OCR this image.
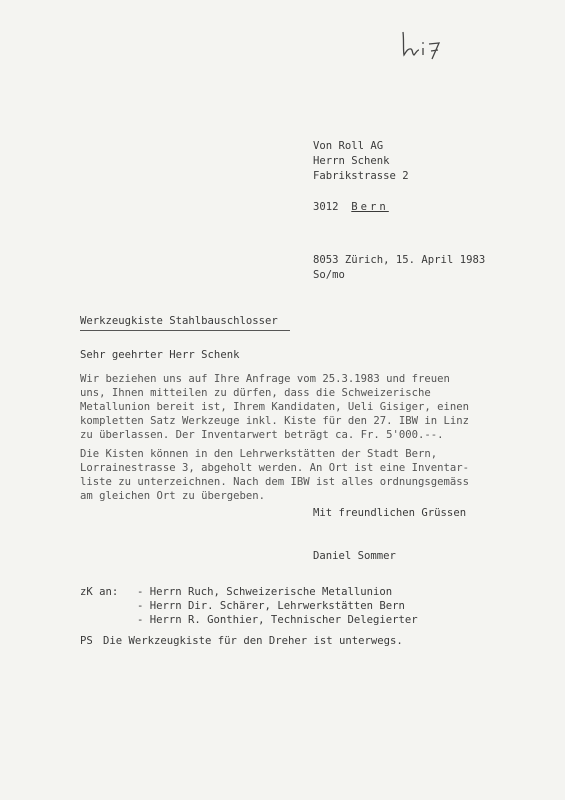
Von Roll AG

Herrn Schenk

Fabrikstrasse 2

3012 Bern

8053 Zürich, 15. April 1983

So/mo

Werkzeugkiste Stahlbauschlosser

Sehr geehrter Herr Schenk

Wir beziehen uns auf Ihre Anfrage vom 25.3.1983 und freuen

uns, Ihnen mitteilen zu dürfen, dass die Schweizerische

Metallunion bereit ist, Ihrem Kandidaten, Ueli Gisiger, einen

kompletten Satz Werkzeuge inkl. Kiste für den 27. IBW in Linz

zu überlassen. Der Inventarwert beträgt ca. Fr. 5'000.--.

Die Kisten können in den Lehrwerkstätten der Stadt Bern,

Lorrainestrasse 3, abgeholt werden. An Ort ist eine Inventar-

liste zu unterzeichnen. Nach dem IBW ist alles ordnungsgemäss

am gleichen Ort zu übergeben.

Mit freundlichen Grüssen

Daniel Sommer

zK an: - Herrn Ruch, Schweizerische Metallunion

- Herrn Dir. Schärer, Lehrwerkstätten Bern

- Herrn R. Gonthier, Technischer Delegierter

PS Die Werkzeugkiste für den Dreher ist unterwegs.
